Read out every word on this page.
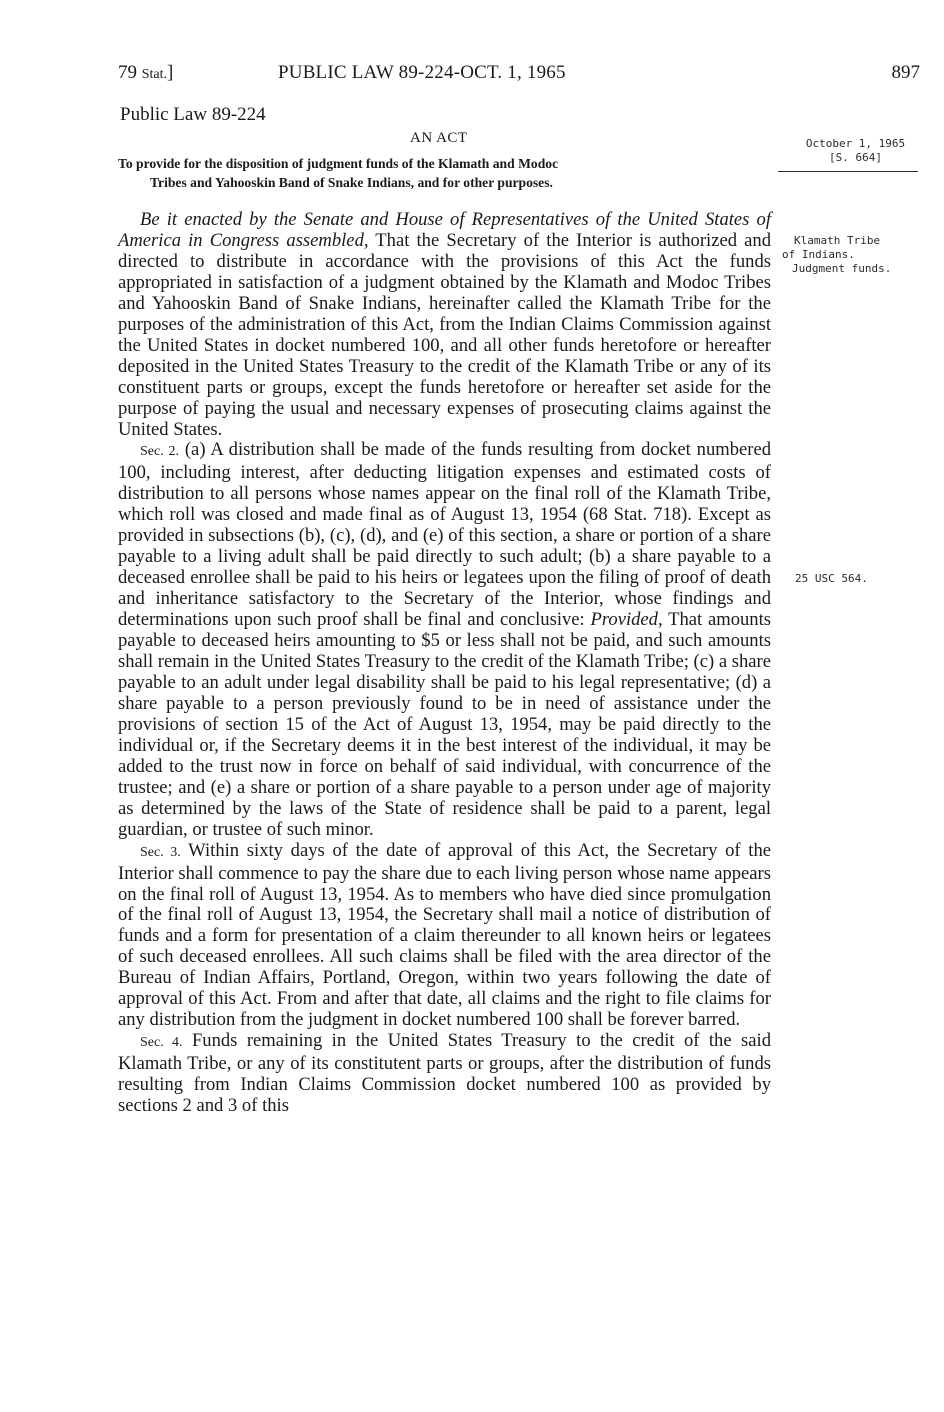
79 Stat.]	PUBLIC LAW 89-224-OCT. 1, 1965	897
Public Law 89-224
AN ACT
To provide for the disposition of judgment funds of the Klamath and Modoc
Tribes and Yahooskin Band of Snake Indians, and for other purposes.
October 1, 1965
[S. 664]
Klamath Tribe
of Indians.
Judgment funds.
25 USC 564.

Be it enacted by the Senate and House of Representatives of the United States of America in Congress assembled, That the Secretary of the Interior is authorized and directed to distribute in accordance with the provisions of this Act the funds appropriated in satisfaction of a judgment obtained by the Klamath and Modoc Tribes and Yahooskin Band of Snake Indians, hereinafter called the Klamath Tribe for the purposes of the administration of this Act, from the Indian Claims Commission against the United States in docket numbered 100, and all other funds heretofore or hereafter deposited in the United States Treasury to the credit of the Klamath Tribe or any of its constituent parts or groups, except the funds heretofore or hereafter set aside for the purpose of paying the usual and necessary expenses of prosecuting claims against the United States.

Sec. 2. (a) A distribution shall be made of the funds resulting from docket numbered 100, including interest, after deducting litigation expenses and estimated costs of distribution to all persons whose names appear on the final roll of the Klamath Tribe, which roll was closed and made final as of August 13, 1954 (68 Stat. 718). Except as provided in subsections (b), (c), (d), and (e) of this section, a share or portion of a share payable to a living adult shall be paid directly to such adult; (b) a share payable to a deceased enrollee shall be paid to his heirs or legatees upon the filing of proof of death and inheritance satisfactory to the Secretary of the Interior, whose findings and determinations upon such proof shall be final and conclusive: Provided, That amounts payable to deceased heirs amounting to $5 or less shall not be paid, and such amounts shall remain in the United States Treasury to the credit of the Klamath Tribe; (c) a share payable to an adult under legal disability shall be paid to his legal representative; (d) a share payable to a person previously found to be in need of assistance under the provisions of section 15 of the Act of August 13, 1954, may be paid directly to the individual or, if the Secretary deems it in the best interest of the individual, it may be added to the trust now in force on behalf of said individual, with concurrence of the trustee; and (e) a share or portion of a share payable to a person under age of majority as determined by the laws of the State of residence shall be paid to a parent, legal guardian, or trustee of such minor.

Sec. 3. Within sixty days of the date of approval of this Act, the Secretary of the Interior shall commence to pay the share due to each living person whose name appears on the final roll of August 13, 1954. As to members who have died since promulgation of the final roll of August 13, 1954, the Secretary shall mail a notice of distribution of funds and a form for presentation of a claim thereunder to all known heirs or legatees of such deceased enrollees. All such claims shall be filed with the area director of the Bureau of Indian Affairs, Portland, Oregon, within two years following the date of approval of this Act. From and after that date, all claims and the right to file claims for any distribution from the judgment in docket numbered 100 shall be forever barred.

Sec. 4. Funds remaining in the United States Treasury to the credit of the said Klamath Tribe, or any of its constitutent parts or groups, after the distribution of funds resulting from Indian Claims Commission docket numbered 100 as provided by sections 2 and 3 of this
